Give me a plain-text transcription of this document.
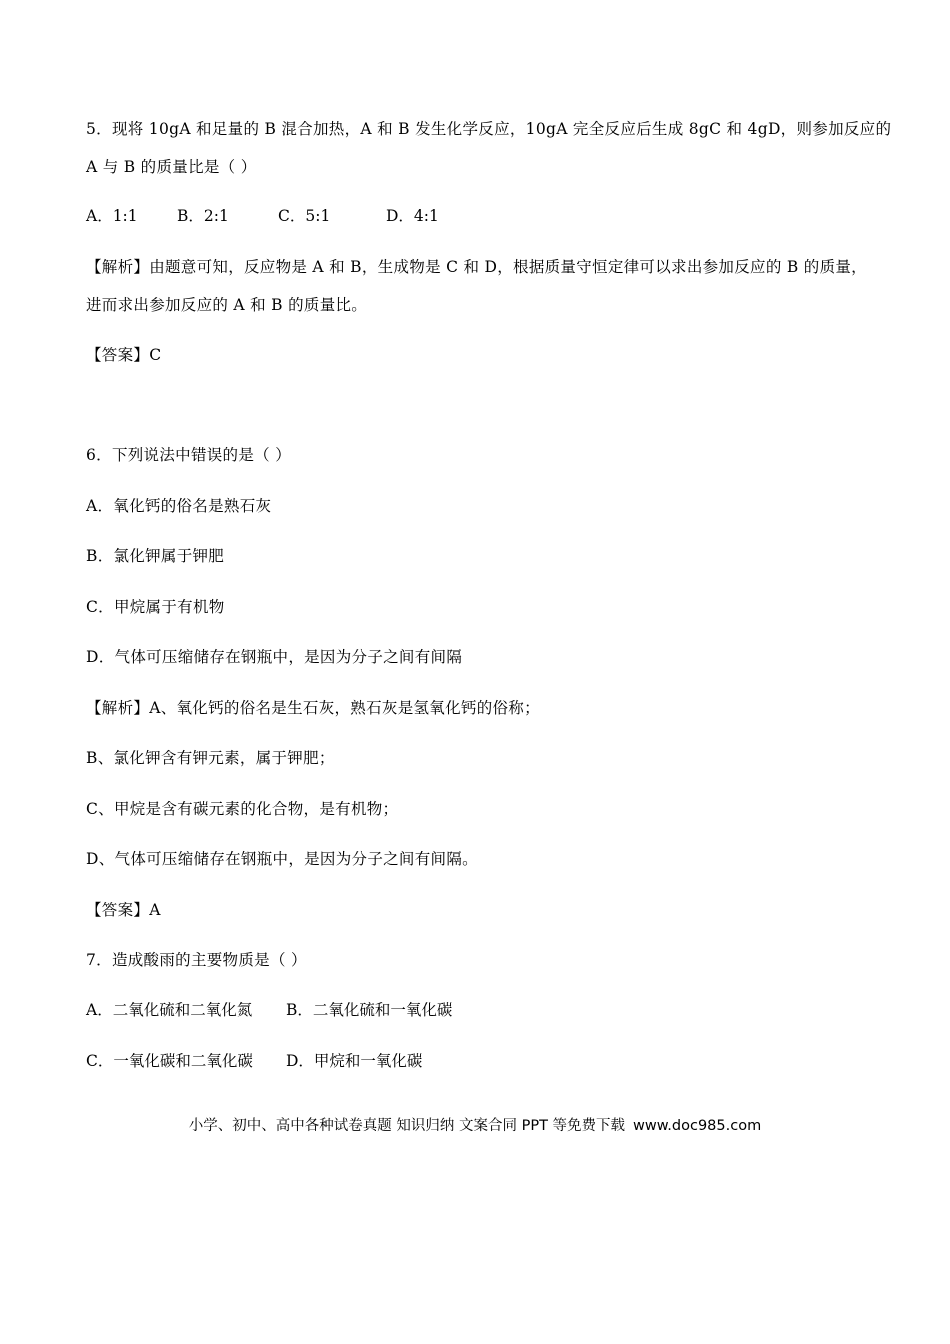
5．现将 10gA 和足量的 B 混合加热，A 和 B 发生化学反应，10gA 完全反应后生成 8gC 和 4gD，则参加反应的
A 与 B 的质量比是（ ）
A．1:1	B．2:1	C．5:1	D．4:1
【解析】由题意可知，反应物是 A 和 B，生成物是 C 和 D，根据质量守恒定律可以求出参加反应的 B 的质量，
进而求出参加反应的 A 和 B 的质量比。
【答案】C
6．下列说法中错误的是（ ）
A．氧化钙的俗名是熟石灰
B．氯化钾属于钾肥
C．甲烷属于有机物
D．气体可压缩储存在钢瓶中，是因为分子之间有间隔
【解析】A、氧化钙的俗名是生石灰，熟石灰是氢氧化钙的俗称；
B、氯化钾含有钾元素，属于钾肥；
C、甲烷是含有碳元素的化合物，是有机物；
D、气体可压缩储存在钢瓶中，是因为分子之间有间隔。
【答案】A
7．造成酸雨的主要物质是（ ）
A．二氧化硫和二氧化氮	B．二氧化硫和一氧化碳
C．一氧化碳和二氧化碳	D．甲烷和一氧化碳
小学、初中、高中各种试卷真题 知识归纳 文案合同 PPT 等免费下载 www.doc985.com
